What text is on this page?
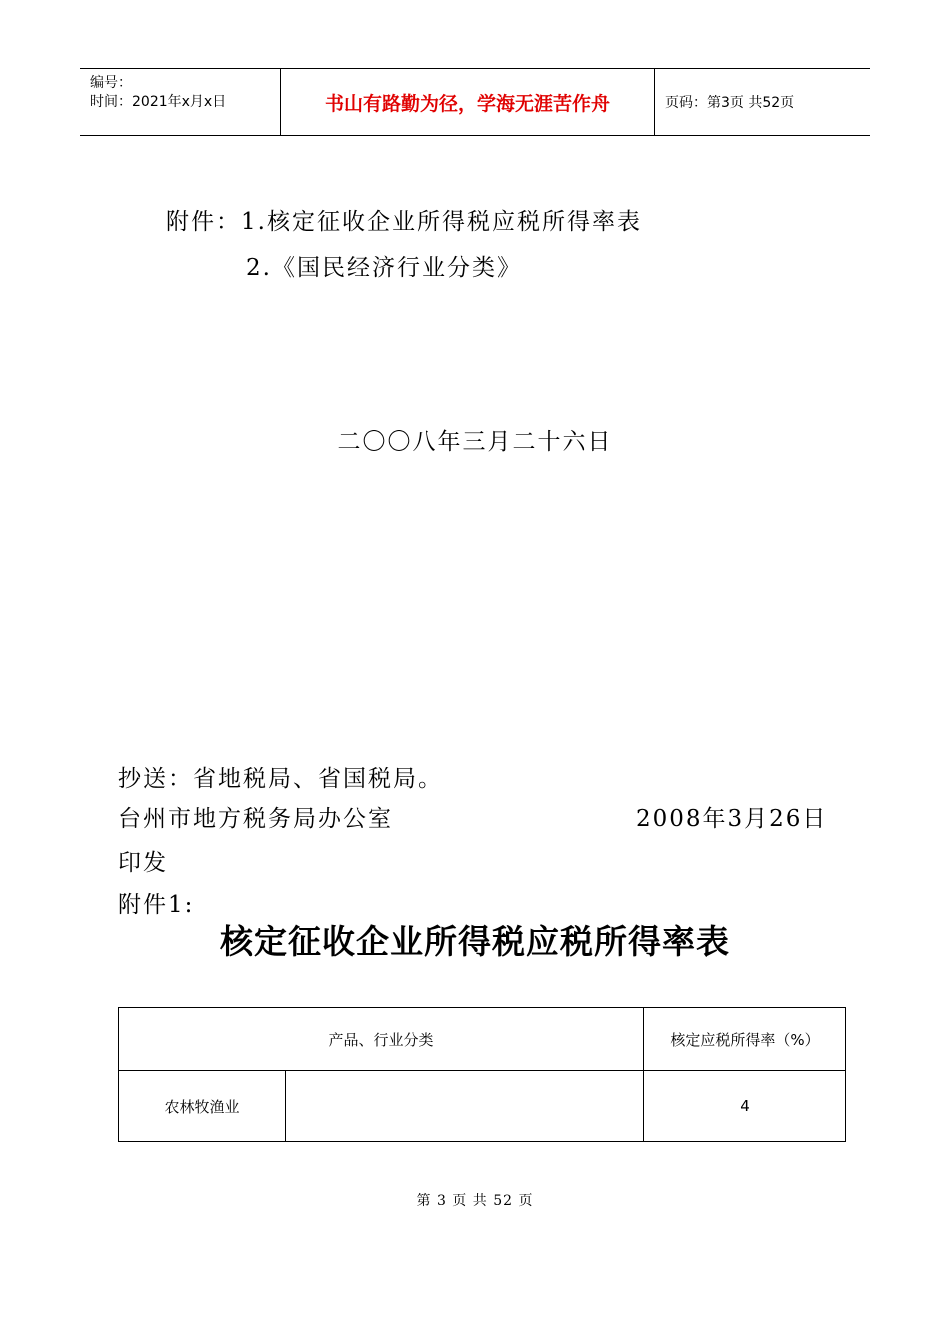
编号：
时间：2021年x月x日	书山有路勤为径，学海无涯苦作舟	页码：第3页 共52页
附件：1.核定征收企业所得税应税所得率表
2.《国民经济行业分类》
二〇〇八年三月二十六日
抄送：省地税局、省国税局。
台州市地方税务局办公室	2008年3月26日
印发
附件1:
核定征收企业所得税应税所得率表
产品、行业分类	核定应税所得率（%）
农林牧渔业	4
第 3 页 共 52 页
